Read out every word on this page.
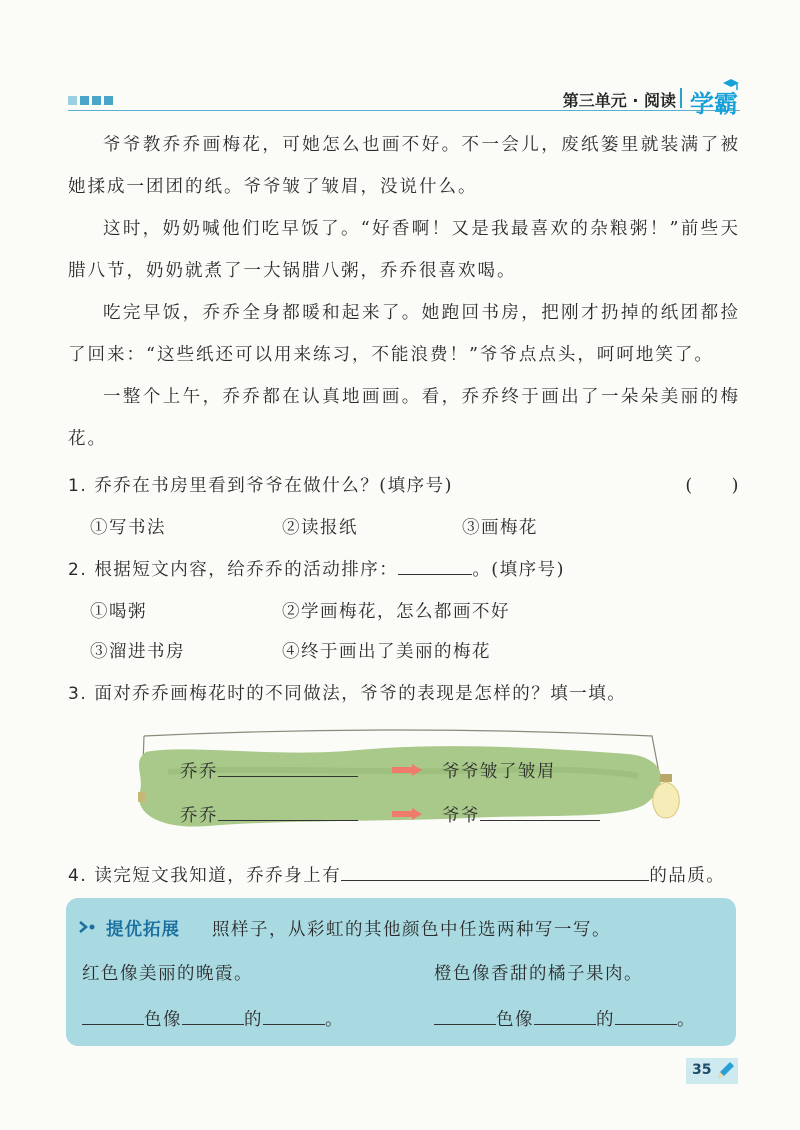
第三单元 · 阅读 学霸

爷爷教乔乔画梅花，可她怎么也画不好。不一会儿，废纸篓里就装满了被她揉成一团团的纸。爷爷皱了皱眉，没说什么。

这时，奶奶喊他们吃早饭了。“好香啊！又是我最喜欢的杂粮粥！”前些天腊八节，奶奶就煮了一大锅腊八粥，乔乔很喜欢喝。

吃完早饭，乔乔全身都暖和起来了。她跑回书房，把刚才扔掉的纸团都捡了回来：“这些纸还可以用来练习，不能浪费！”爷爷点点头，呵呵地笑了。

一整个上午，乔乔都在认真地画画。看，乔乔终于画出了一朵朵美丽的梅花。

1. 乔乔在书房里看到爷爷在做什么？(填序号)	(　　)
①写书法	②读报纸	③画梅花
2. 根据短文内容，给乔乔的活动排序：	。(填序号)
①喝粥	②学画梅花，怎么都画不好
③溜进书房	④终于画出了美丽的梅花
3. 面对乔乔画梅花时的不同做法，爷爷的表现是怎样的？填一填。
乔乔	爷爷皱了皱眉
乔乔	爷爷
4. 读完短文我知道，乔乔身上有	的品质。
提优拓展 照样子，从彩虹的其他颜色中任选两种写一写。
红色像美丽的晚霞。	橙色像香甜的橘子果肉。
色像	的	。	色像	的	。
35
